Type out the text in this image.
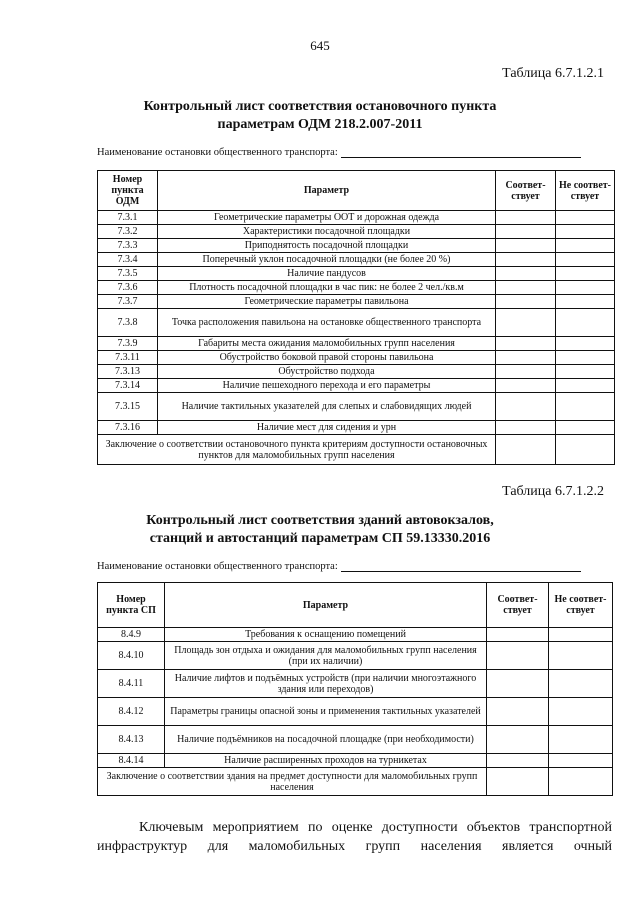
645
Таблица 6.7.1.2.1
Контрольный лист соответствия остановочного пункта
параметрам ОДМ 218.2.007-2011
Наименование остановки общественного транспорта:
Номер пункта ОДМ	Параметр	Соответ-ствует	Не соответ-ствует
7.3.1	Геометрические параметры ООТ и дорожная одежда		
7.3.2	Характеристики посадочной площадки		
7.3.3	Приподнятость посадочной площадки		
7.3.4	Поперечный уклон посадочной площадки (не более 20 %)		
7.3.5	Наличие пандусов		
7.3.6	Плотность посадочной площадки в час пик: не более 2 чел./кв.м		
7.3.7	Геометрические параметры павильона		
7.3.8	Точка расположения павильона на остановке общественного транспорта		
7.3.9	Габариты места ожидания маломобильных групп населения		
7.3.11	Обустройство боковой правой стороны павильона		
7.3.13	Обустройство подхода		
7.3.14	Наличие пешеходного перехода и его параметры		
7.3.15	Наличие тактильных указателей для слепых и слабовидящих людей		
7.3.16	Наличие мест для сидения и урн		
Заключение о соответствии остановочного пункта критериям доступности остановочных пунктов для маломобильных групп населения			
Таблица 6.7.1.2.2
Контрольный лист соответствия зданий автовокзалов,
станций и автостанций параметрам СП 59.13330.2016
Наименование остановки общественного транспорта:
Номер пункта СП	Параметр	Соответ-ствует	Не соответ-ствует
8.4.9	Требования к оснащению помещений		
8.4.10	Площадь зон отдыха и ожидания для маломобильных групп населения (при их наличии)		
8.4.11	Наличие лифтов и подъёмных устройств (при наличии многоэтажного здания или переходов)		
8.4.12	Параметры границы опасной зоны и применения тактильных указателей		
8.4.13	Наличие подъёмников на посадочной площадке (при необходимости)		
8.4.14	Наличие расширенных проходов на турникетах		
Заключение о соответствии здания на предмет доступности для маломобильных групп населения			
Ключевым мероприятием по оценке доступности объектов транспортной
инфраструктур для маломобильных групп населения является очный
